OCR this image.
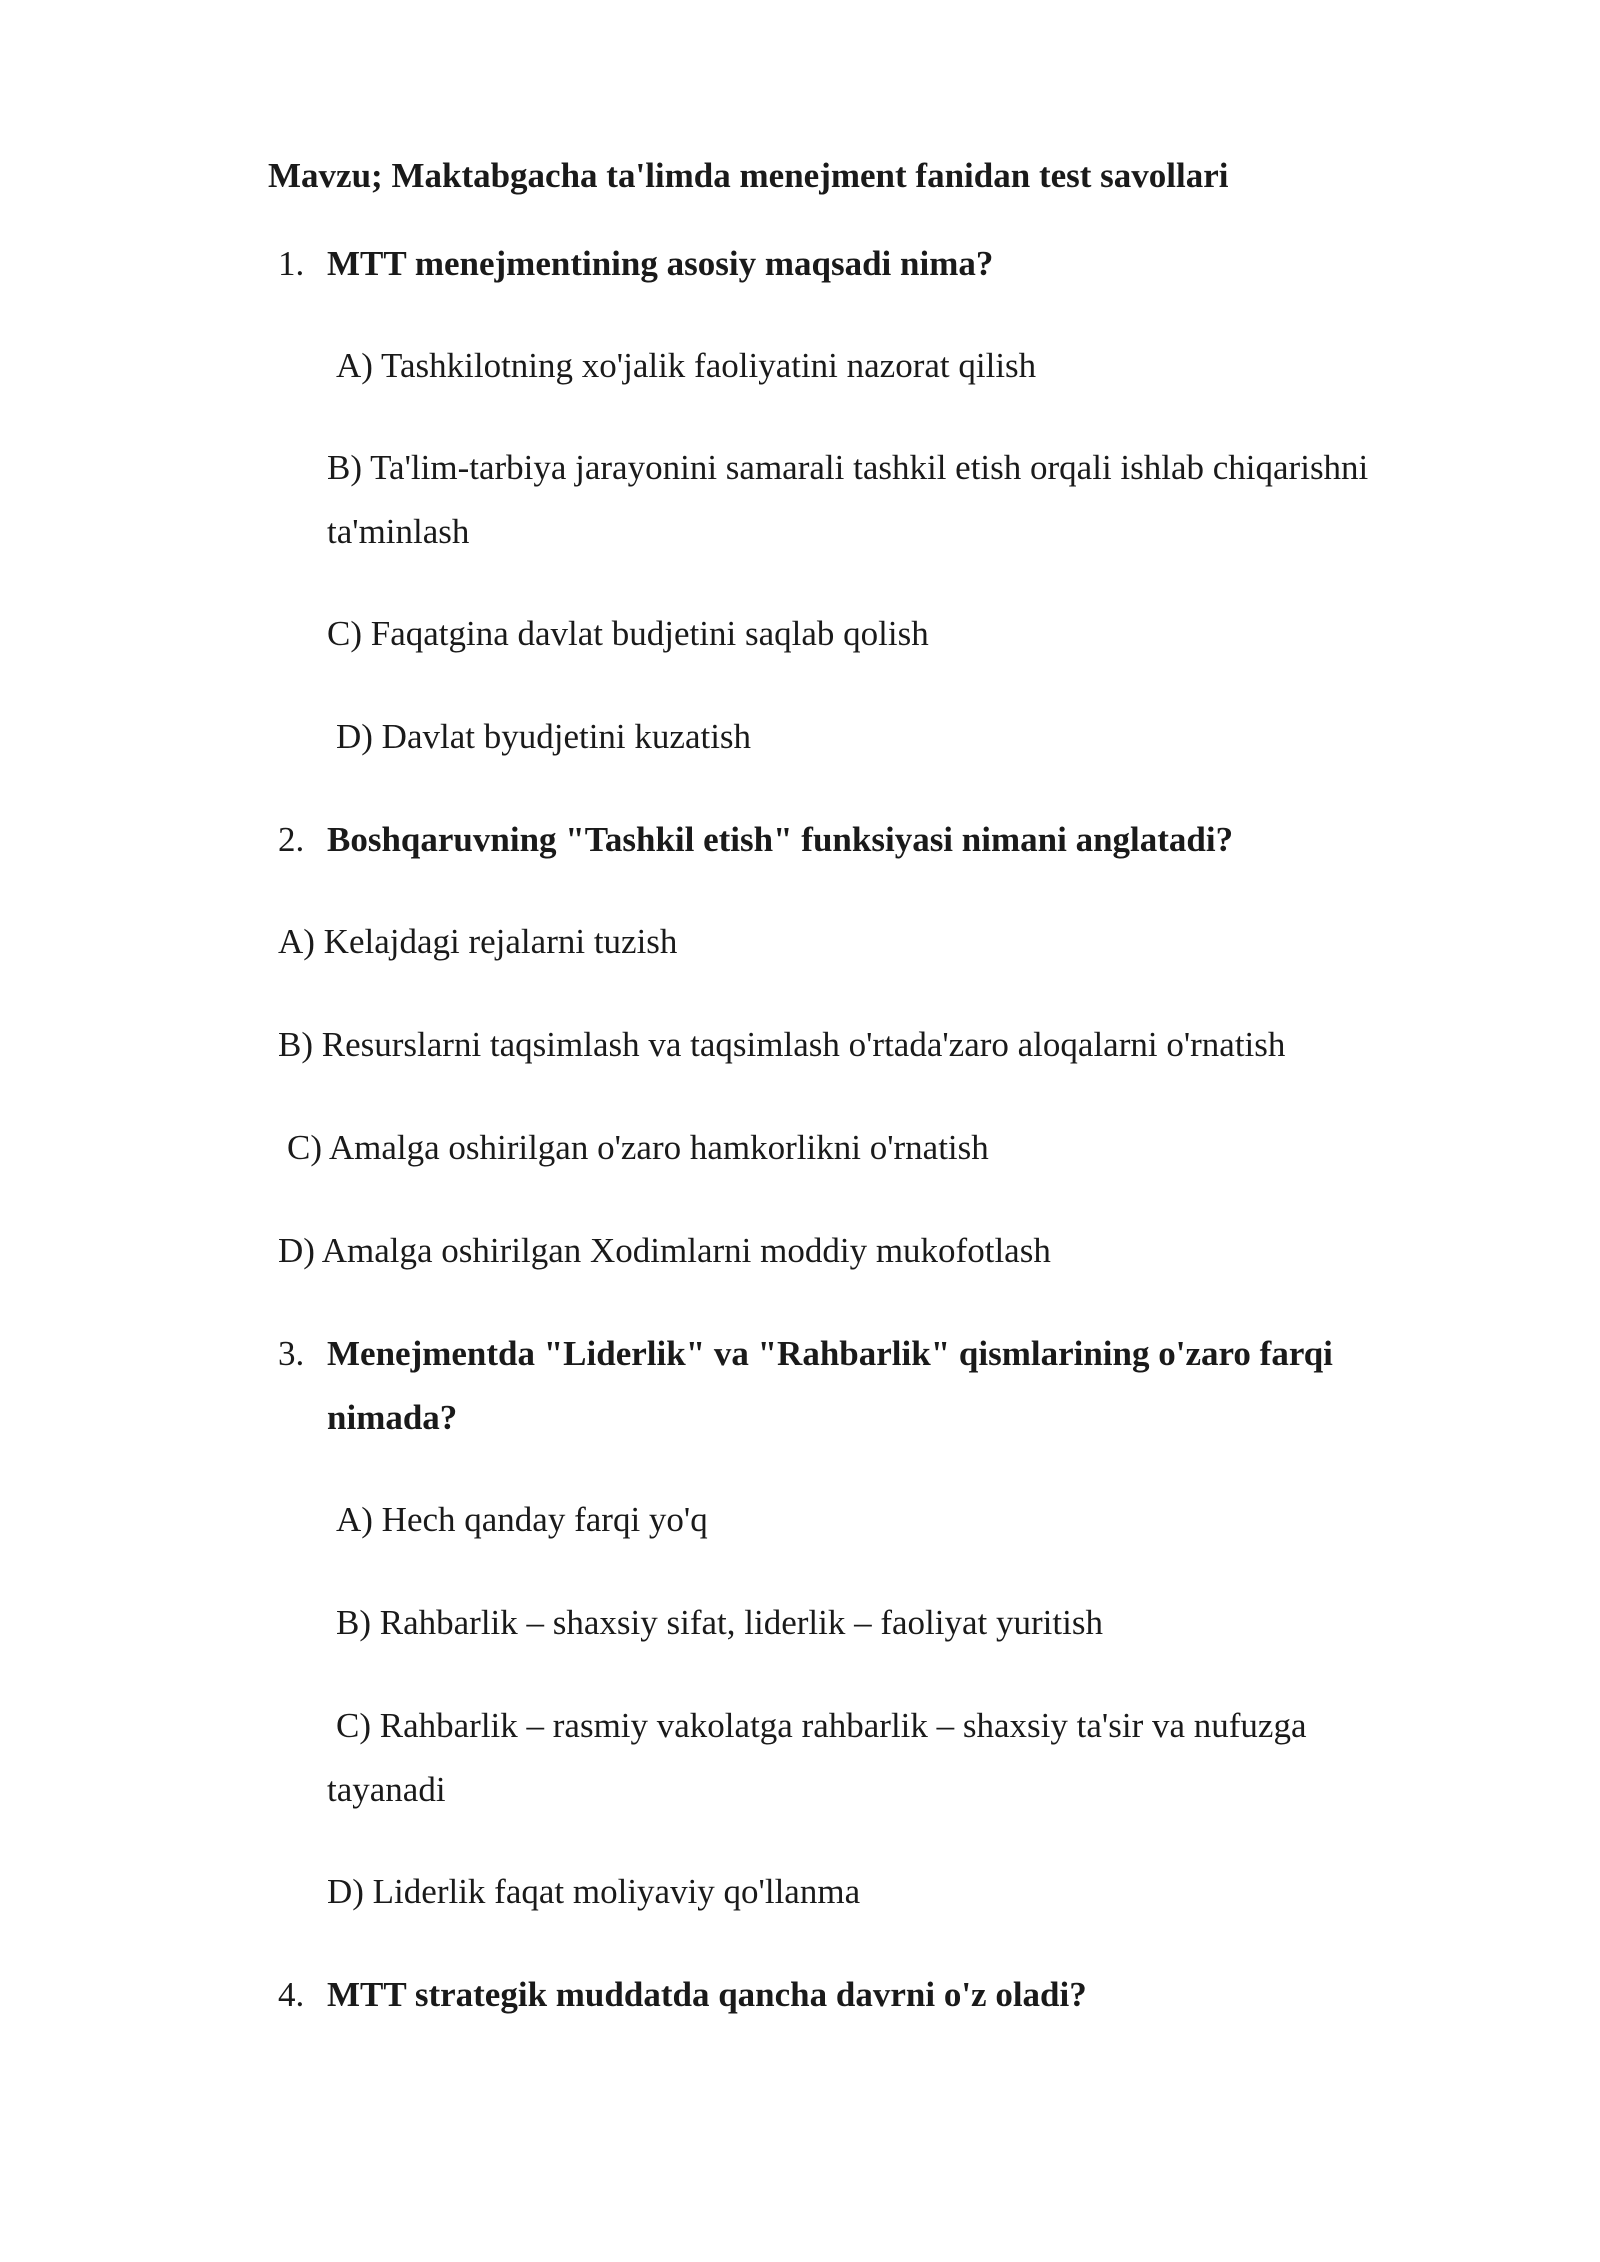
Mavzu; Maktabgacha ta'limda menejment fanidan test savollari

1. MTT menejmentining asosiy maqsadi nima?

A) Tashkilotning xo'jalik faoliyatini nazorat qilish

B) Ta'lim-tarbiya jarayonini samarali tashkil etish orqali ishlab chiqarishni

ta'minlash

C) Faqatgina davlat budjetini saqlab qolish

D) Davlat byudjetini kuzatish

2. Boshqaruvning "Tashkil etish" funksiyasi nimani anglatadi?

A) Kelajdagi rejalarni tuzish

B) Resurslarni taqsimlash va taqsimlash o'rtada'zaro aloqalarni o'rnatish

C) Amalga oshirilgan o'zaro hamkorlikni o'rnatish

D) Amalga oshirilgan Xodimlarni moddiy mukofotlash

3. Menejmentda "Liderlik" va "Rahbarlik" qismlarining o'zaro farqi

nimada?

A) Hech qanday farqi yo'q

B) Rahbarlik – shaxsiy sifat, liderlik – faoliyat yuritish

C) Rahbarlik – rasmiy vakolatga rahbarlik – shaxsiy ta'sir va nufuzga

tayanadi

D) Liderlik faqat moliyaviy qo'llanma

4. MTT strategik muddatda qancha davrni o'z oladi?
